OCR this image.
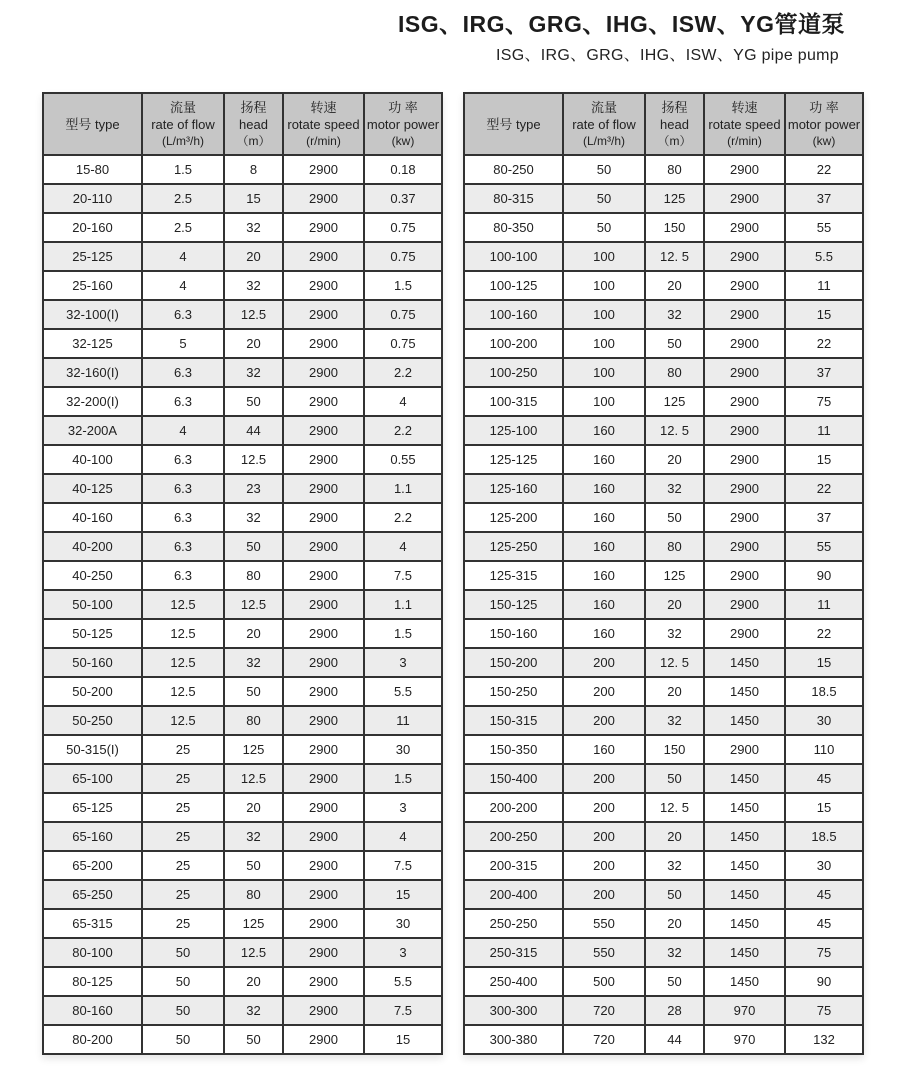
ISG、IRG、GRG、IHG、ISW、YG管道泵
ISG、IRG、GRG、IHG、ISW、YG pipe pump
型号 type

流量
rate of flow
(L/m³/h)

扬程
head
（m）

转速
rotate speed
(r/min)

功 率
motor power
(kw)

15-80	1.5	8	2900	0.18
20-110	2.5	15	2900	0.37
20-160	2.5	32	2900	0.75
25-125	4	20	2900	0.75
25-160	4	32	2900	1.5
32-100(I)	6.3	12.5	2900	0.75
32-125	5	20	2900	0.75
32-160(I)	6.3	32	2900	2.2
32-200(I)	6.3	50	2900	4
32-200A	4	44	2900	2.2
40-100	6.3	12.5	2900	0.55
40-125	6.3	23	2900	1.1
40-160	6.3	32	2900	2.2
40-200	6.3	50	2900	4
40-250	6.3	80	2900	7.5
50-100	12.5	12.5	2900	1.1
50-125	12.5	20	2900	1.5
50-160	12.5	32	2900	3
50-200	12.5	50	2900	5.5
50-250	12.5	80	2900	11
50-315(I)	25	125	2900	30
65-100	25	12.5	2900	1.5
65-125	25	20	2900	3
65-160	25	32	2900	4
65-200	25	50	2900	7.5
65-250	25	80	2900	15
65-315	25	125	2900	30
80-100	50	12.5	2900	3
80-125	50	20	2900	5.5
80-160	50	32	2900	7.5
80-200	50	50	2900	15
型号 type

流量
rate of flow
(L/m³/h)

扬程
head
（m）

转速
rotate speed
(r/min)

功 率
motor power
(kw)

80-250	50	80	2900	22
80-315	50	125	2900	37
80-350	50	150	2900	55
100-100	100	12. 5	2900	5.5
100-125	100	20	2900	11
100-160	100	32	2900	15
100-200	100	50	2900	22
100-250	100	80	2900	37
100-315	100	125	2900	75
125-100	160	12. 5	2900	11
125-125	160	20	2900	15
125-160	160	32	2900	22
125-200	160	50	2900	37
125-250	160	80	2900	55
125-315	160	125	2900	90
150-125	160	20	2900	11
150-160	160	32	2900	22
150-200	200	12. 5	1450	15
150-250	200	20	1450	18.5
150-315	200	32	1450	30
150-350	160	150	2900	110
150-400	200	50	1450	45
200-200	200	12. 5	1450	15
200-250	200	20	1450	18.5
200-315	200	32	1450	30
200-400	200	50	1450	45
250-250	550	20	1450	45
250-315	550	32	1450	75
250-400	500	50	1450	90
300-300	720	28	970	75
300-380	720	44	970	132
